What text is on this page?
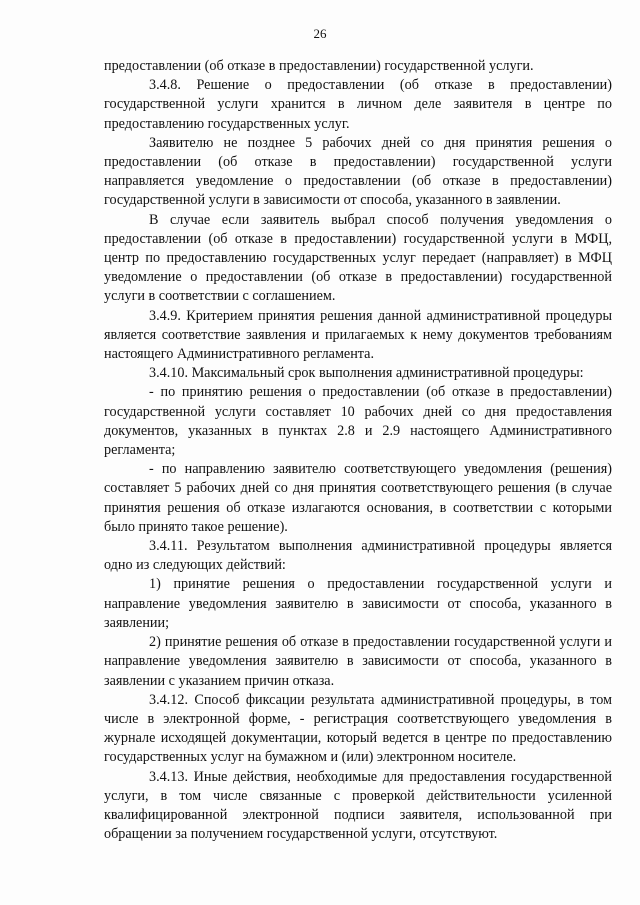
26

предоставлении (об отказе в предоставлении) государственной услуги.

3.4.8. Решение о предоставлении (об отказе в предоставлении) государственной услуги хранится в личном деле заявителя в центре по предоставлению государственных услуг.

Заявителю не позднее 5 рабочих дней со дня принятия решения о предоставлении (об отказе в предоставлении) государственной услуги направляется уведомление о предоставлении (об отказе в предоставлении) государственной услуги в зависимости от способа, указанного в заявлении.

В случае если заявитель выбрал способ получения уведомления о предоставлении (об отказе в предоставлении) государственной услуги в МФЦ, центр по предоставлению государственных услуг передает (направляет) в МФЦ уведомление о предоставлении (об отказе в предоставлении) государственной услуги в соответствии с соглашением.

3.4.9. Критерием принятия решения данной административной процедуры является соответствие заявления и прилагаемых к нему документов требованиям настоящего Административного регламента.

3.4.10. Максимальный срок выполнения административной процедуры:

- по принятию решения о предоставлении (об отказе в предоставлении) государственной услуги составляет 10 рабочих дней со дня предоставления документов, указанных в пунктах 2.8 и 2.9 настоящего Административного регламента;

- по направлению заявителю соответствующего уведомления (решения) составляет 5 рабочих дней со дня принятия соответствующего решения (в случае принятия решения об отказе излагаются основания, в соответствии с которыми было принято такое решение).

3.4.11. Результатом выполнения административной процедуры является одно из следующих действий:

1) принятие решения о предоставлении государственной услуги и направление уведомления заявителю в зависимости от способа, указанного в заявлении;

2) принятие решения об отказе в предоставлении государственной услуги и направление уведомления заявителю в зависимости от способа, указанного в заявлении с указанием причин отказа.

3.4.12. Способ фиксации результата административной процедуры, в том числе в электронной форме, - регистрация соответствующего уведомления в журнале исходящей документации, который ведется в центре по предоставлению государственных услуг на бумажном и (или) электронном носителе.

3.4.13. Иные действия, необходимые для предоставления государственной услуги, в том числе связанные с проверкой действительности усиленной квалифицированной электронной подписи заявителя, использованной при обращении за получением государственной услуги, отсутствуют.
